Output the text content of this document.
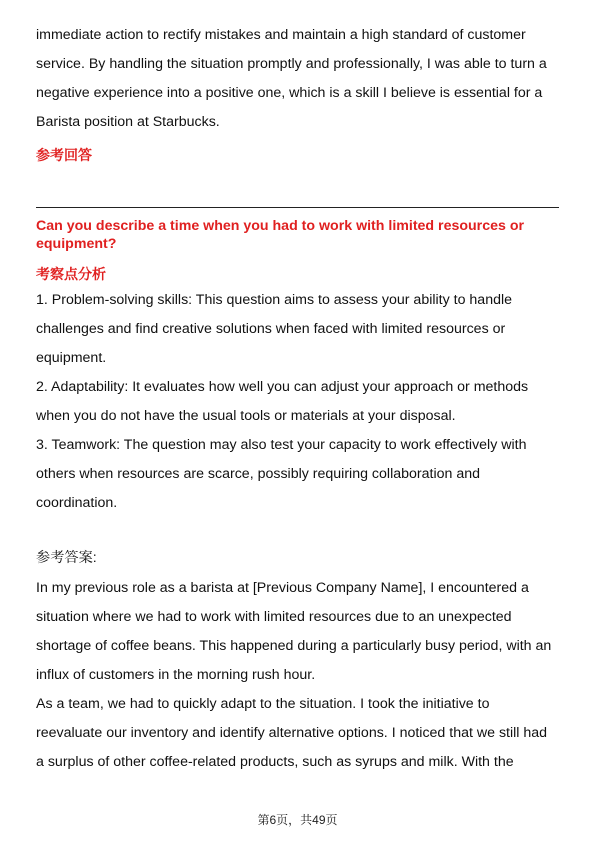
immediate action to rectify mistakes and maintain a high standard of customer
service. By handling the situation promptly and professionally, I was able to turn a
negative experience into a positive one, which is a skill I believe is essential for a
Barista position at Starbucks.

参考回答

Can you describe a time when you had to work with limited resources or
equipment?

考察点分析

1. Problem-solving skills: This question aims to assess your ability to handle
challenges and find creative solutions when faced with limited resources or
equipment.
2. Adaptability: It evaluates how well you can adjust your approach or methods
when you do not have the usual tools or materials at your disposal.
3. Teamwork: The question may also test your capacity to work effectively with
others when resources are scarce, possibly requiring collaboration and
coordination.

参考答案:

In my previous role as a barista at [Previous Company Name], I encountered a
situation where we had to work with limited resources due to an unexpected
shortage of coffee beans. This happened during a particularly busy period, with an
influx of customers in the morning rush hour.

As a team, we had to quickly adapt to the situation. I took the initiative to
reevaluate our inventory and identify alternative options. I noticed that we still had
a surplus of other coffee-related products, such as syrups and milk. With the

第6页，共49页
